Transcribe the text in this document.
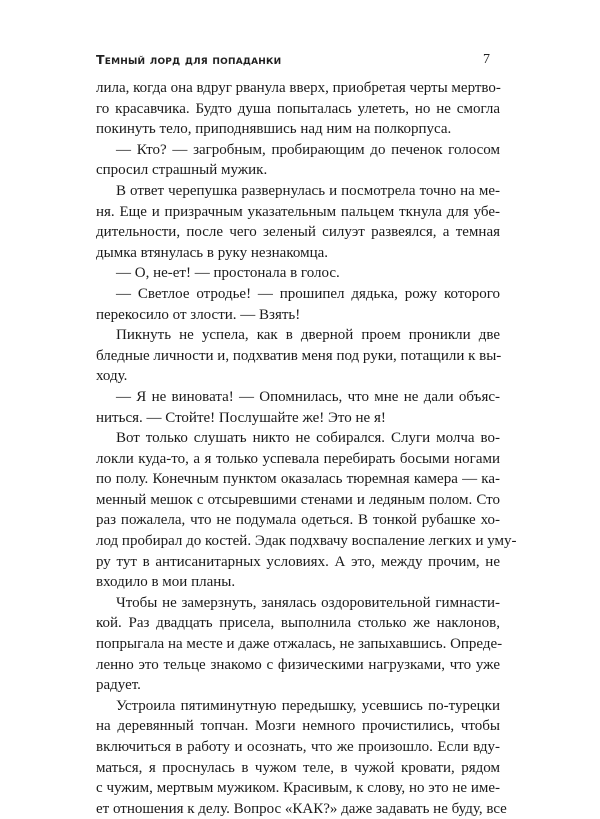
Темный лорд для попаданки	7
лила, когда она вдруг рванула вверх, приобретая черты мертво-
го красавчика. Будто душа попыталась улететь, но не смогла
покинуть тело, приподнявшись над ним на полкорпуса.
— Кто? — загробным, пробирающим до печенок голосом
спросил страшный мужик.
В ответ черепушка развернулась и посмотрела точно на ме-
ня. Еще и призрачным указательным пальцем ткнула для убе-
дительности, после чего зеленый силуэт развеялся, а темная
дымка втянулась в руку незнакомца.
— О, не-ет! — простонала в голос.
— Светлое отродье! — прошипел дядька, рожу которого
перекосило от злости. — Взять!
Пикнуть не успела, как в дверной проем проникли две
бледные личности и, подхватив меня под руки, потащили к вы-
ходу.
— Я не виновата! — Опомнилась, что мне не дали объяс-
ниться. — Стойте! Послушайте же! Это не я!
Вот только слушать никто не собирался. Слуги молча во-
локли куда-то, а я только успевала перебирать босыми ногами
по полу. Конечным пунктом оказалась тюремная камера — ка-
менный мешок с отсыревшими стенами и ледяным полом. Сто
раз пожалела, что не подумала одеться. В тонкой рубашке хо-
лод пробирал до костей. Эдак подхвачу воспаление легких и уму-
ру тут в антисанитарных условиях. А это, между прочим, не
входило в мои планы.
Чтобы не замерзнуть, занялась оздоровительной гимнасти-
кой. Раз двадцать присела, выполнила столько же наклонов,
попрыгала на месте и даже отжалась, не запыхавшись. Опреде-
ленно это тельце знакомо с физическими нагрузками, что уже
радует.
Устроила пятиминутную передышку, усевшись по-турецки
на деревянный топчан. Мозги немного прочистились, чтобы
включиться в работу и осознать, что же произошло. Если вду-
маться, я проснулась в чужом теле, в чужой кровати, рядом
с чужим, мертвым мужиком. Красивым, к слову, но это не име-
ет отношения к делу. Вопрос «КАК?» даже задавать не буду, все
